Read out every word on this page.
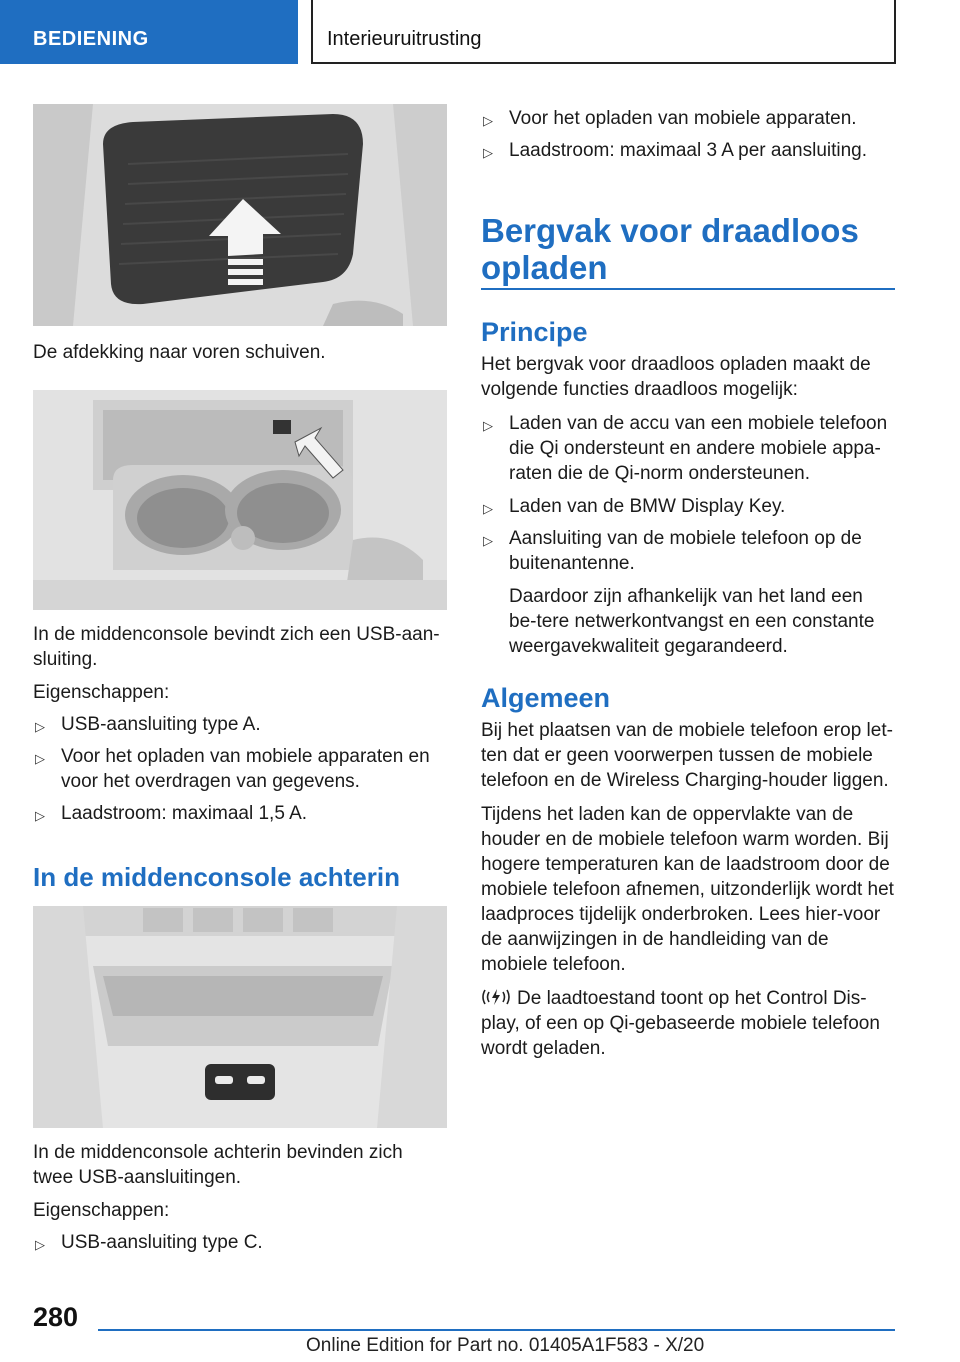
BEDIENING	Interieuruitrusting
De afdekking naar voren schuiven.
In de middenconsole bevindt zich een USB-aan-sluiting.
Eigenschappen:
▷ USB-aansluiting type A.
▷ Voor het opladen van mobiele apparaten en voor het overdragen van gegevens.
▷ Laadstroom: maximaal 1,5 A.
In de middenconsole achterin
In de middenconsole achterin bevinden zich twee USB-aansluitingen.
Eigenschappen:
▷ USB-aansluiting type C.
▷ Voor het opladen van mobiele apparaten.
▷ Laadstroom: maximaal 3 A per aansluiting.
Bergvak voor draadloos opladen
Principe
Het bergvak voor draadloos opladen maakt de volgende functies draadloos mogelijk:
▷ Laden van de accu van een mobiele telefoon die Qi ondersteunt en andere mobiele appa-raten die de Qi-norm ondersteunen.
▷ Laden van de BMW Display Key.
▷ Aansluiting van de mobiele telefoon op de buitenantenne.
Daardoor zijn afhankelijk van het land een be-tere netwerkontvangst en een constante weergavekwaliteit gegarandeerd.
Algemeen
Bij het plaatsen van de mobiele telefoon erop let-ten dat er geen voorwerpen tussen de mobiele telefoon en de Wireless Charging-houder liggen.
Tijdens het laden kan de oppervlakte van de houder en de mobiele telefoon warm worden. Bij hogere temperaturen kan de laadstroom door de mobiele telefoon afnemen, uitzonderlijk wordt het laadproces tijdelijk onderbroken. Lees hier-voor de aanwijzingen in de handleiding van de mobiele telefoon.
De laadtoestand toont op het Control Dis-play, of een op Qi-gebaseerde mobiele telefoon wordt geladen.
280
Online Edition for Part no. 01405A1F583 - X/20
